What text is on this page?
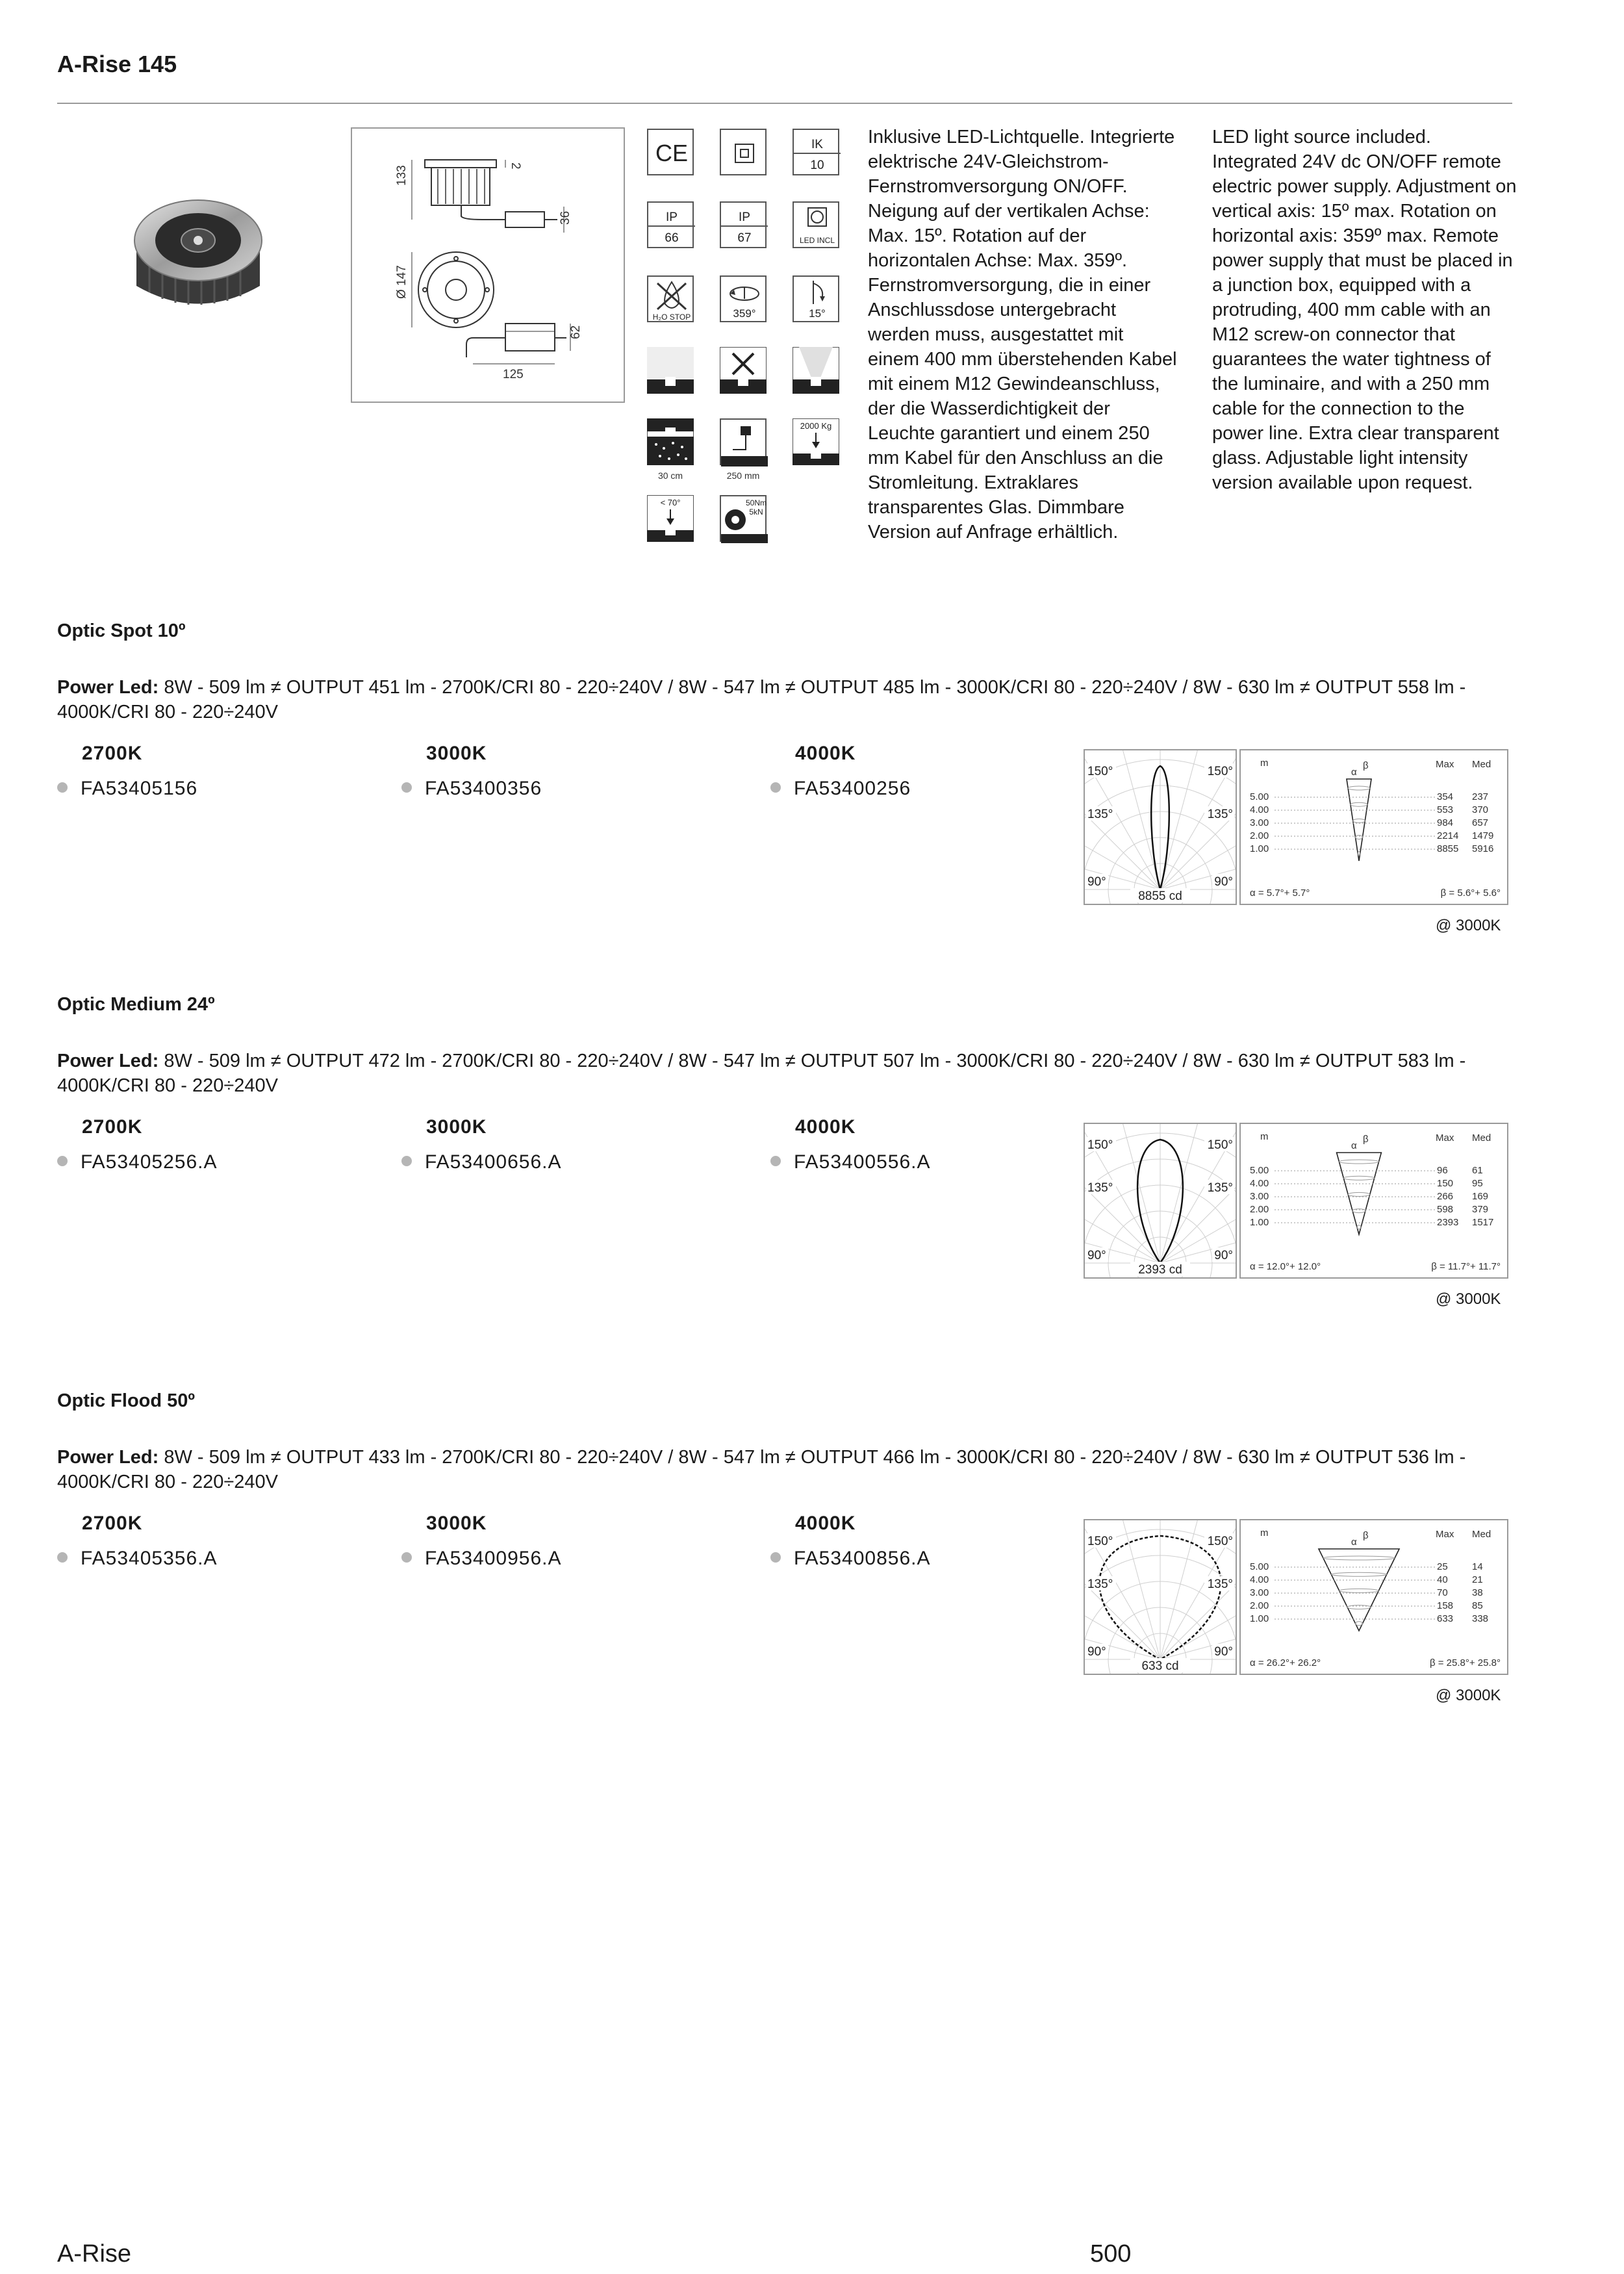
A-Rise 145
133	2
36
Ø 147
62
125
CE	IK
10
IP
66
IP
67	LED INCL
H₂O STOP	359°	15°
30 cm	250 mm
2000 Kg
< 70°	50Nm
5kN
Inklusive LED-Lichtquelle. Integrierte elektrische 24V-Gleichstrom-Fernstromversorgung ON/OFF. Neigung auf der vertikalen Achse: Max. 15º. Rotation auf der horizontalen Achse: Max. 359º. Fernstromversorgung, die in einer Anschlussdose untergebracht werden muss, ausgestattet mit einem 400 mm überstehenden Kabel mit einem M12 Gewindeanschluss, der die Wasserdichtigkeit der Leuchte garantiert und einem 250 mm Kabel für den Anschluss an die Stromleitung. Extraklares transparentes Glas. Dimmbare Version auf Anfrage erhältlich.
LED light source included. Integrated 24V dc ON/OFF remote electric power supply. Adjustment on vertical axis: 15º max. Rotation on horizontal axis: 359º max. Remote power supply that must be placed in a junction box, equipped with a protruding, 400 mm cable with an M12 screw-on connector that guarantees the water tightness of the luminaire, and with a 250 mm cable for the connection to the power line. Extra clear transparent glass. Adjustable light intensity version available upon request.
Optic Spot 10º
Power Led: 8W - 509 lm ≠ OUTPUT 451 lm - 2700K/CRI 80 - 220÷240V / 8W - 547 lm ≠ OUTPUT 485 lm - 3000K/CRI 80 - 220÷240V / 8W - 630 lm ≠ OUTPUT 558 lm - 4000K/CRI 80 - 220÷240V
2700K
FA53405156
3000K
FA53400356
4000K
FA53400256
150°	150°
135°	135°
90°	90°
8855 cd
m	Max Med
α
β
5.00	354 237
4.00	553 370
3.00	984 657
2.00	2214 1479
1.00	8855 5916
α = 5.7°+ 5.7°	β = 5.6°+ 5.6°
@ 3000K
Optic Medium 24º
Power Led: 8W - 509 lm ≠ OUTPUT 472 lm - 2700K/CRI 80 - 220÷240V / 8W - 547 lm ≠ OUTPUT 507 lm - 3000K/CRI 80 - 220÷240V / 8W - 630 lm ≠ OUTPUT 583 lm - 4000K/CRI 80 - 220÷240V
2700K
FA53405256.A
3000K
FA53400656.A
4000K
FA53400556.A
150°	150°
135°	135°
90°	90°
2393 cd
m	Max Med
α
β
5.00	96 61
4.00	150 95
3.00	266 169
2.00	598 379
1.00	2393 1517
α = 12.0°+ 12.0°	β = 11.7°+ 11.7°
@ 3000K
Optic Flood 50º
Power Led: 8W - 509 lm ≠ OUTPUT 433 lm - 2700K/CRI 80 - 220÷240V / 8W - 547 lm ≠ OUTPUT 466 lm - 3000K/CRI 80 - 220÷240V / 8W - 630 lm ≠ OUTPUT 536 lm - 4000K/CRI 80 - 220÷240V
2700K
FA53405356.A
3000K
FA53400956.A
4000K
FA53400856.A
150°	150°
135°	135°
90°	90°
633 cd
m	Max Med
α
β
5.00	25 14
4.00	40 21
3.00	70 38
2.00	158 85
1.00	633 338
α = 26.2°+ 26.2°	β = 25.8°+ 25.8°
@ 3000K
A-Rise	500
